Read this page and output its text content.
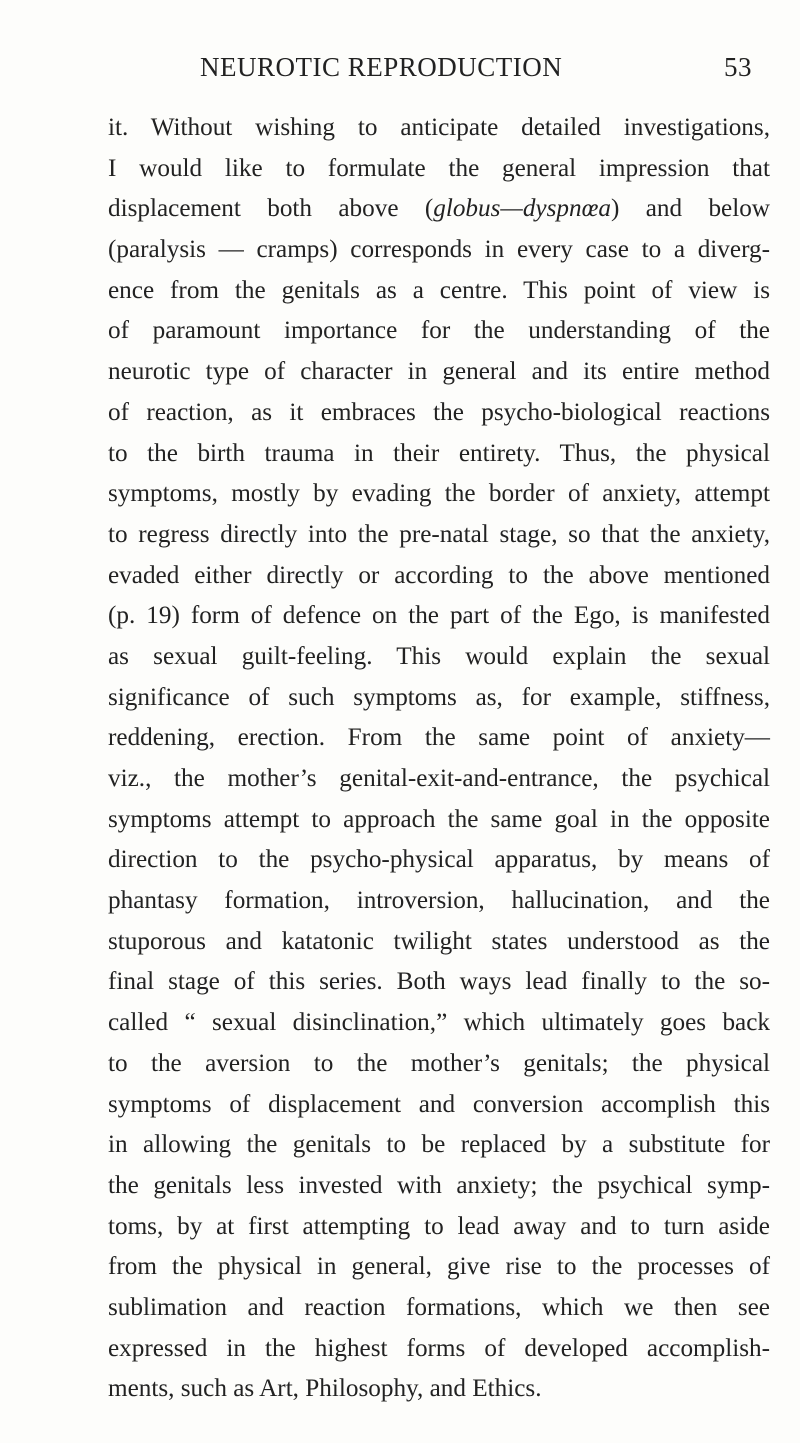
NEUROTIC REPRODUCTION	53
it. Without wishing to anticipate detailed investigations,
I would like to formulate the general impression that
displacement both above (globus—dyspnœa) and below
(paralysis — cramps) corresponds in every case to a diverg-
ence from the genitals as a centre. This point of view is
of paramount importance for the understanding of the
neurotic type of character in general and its entire method
of reaction, as it embraces the psycho-biological reactions
to the birth trauma in their entirety. Thus, the physical
symptoms, mostly by evading the border of anxiety, attempt
to regress directly into the pre-natal stage, so that the anxiety,
evaded either directly or according to the above mentioned
(p. 19) form of defence on the part of the Ego, is manifested
as sexual guilt-feeling. This would explain the sexual
significance of such symptoms as, for example, stiffness,
reddening, erection. From the same point of anxiety—
viz., the mother’s genital-exit-and-entrance, the psychical
symptoms attempt to approach the same goal in the opposite
direction to the psycho-physical apparatus, by means of
phantasy formation, introversion, hallucination, and the
stuporous and katatonic twilight states understood as the
final stage of this series. Both ways lead finally to the so-
called “ sexual disinclination,” which ultimately goes back
to the aversion to the mother’s genitals; the physical
symptoms of displacement and conversion accomplish this
in allowing the genitals to be replaced by a substitute for
the genitals less invested with anxiety; the psychical symp-
toms, by at first attempting to lead away and to turn aside
from the physical in general, give rise to the processes of
sublimation and reaction formations, which we then see
expressed in the highest forms of developed accomplish-
ments, such as Art, Philosophy, and Ethics.
